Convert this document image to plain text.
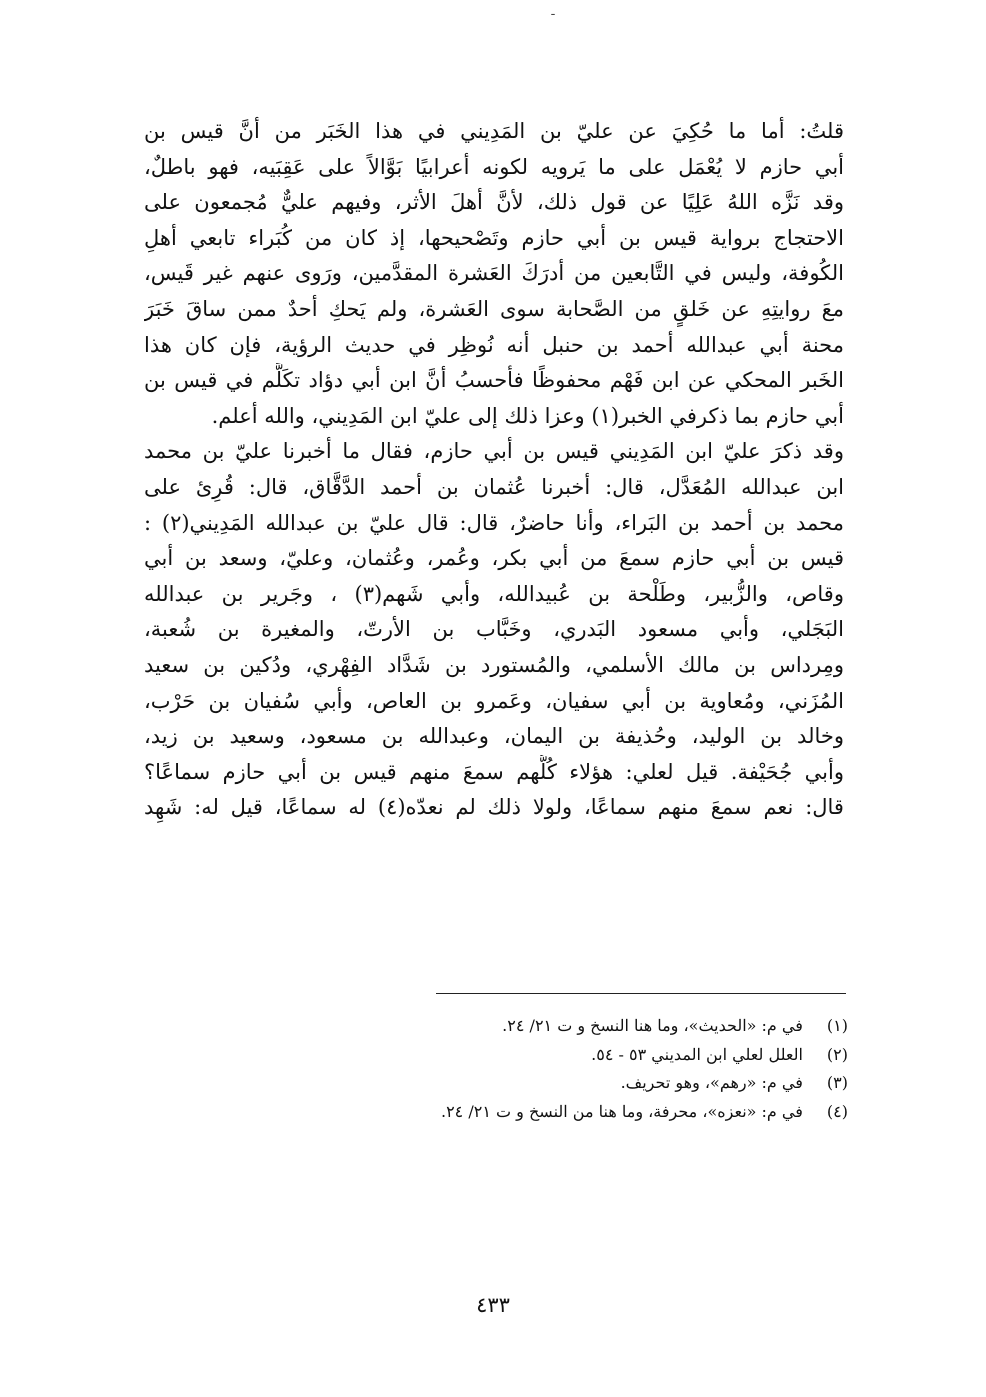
-
قلتُ: أما ما حُكِيَ عن عليّ بن المَدِيني في هذا الخَبَر من أنَّ قيس بن
أبي حازم لا يُعْمَل على ما يَرويه لكونه أعرابيًا بَوَّالاً على عَقِبَيه، فهو باطلٌ،
وقد نَزَّه اللهُ عَلِيًا عن قول ذلك، لأنَّ أهلَ الأثر، وفيهم عليٌّ مُجمعون على
الاحتجاج برواية قيس بن أبي حازم وتَصْحيحها، إذ كان من كُبَراء تابعي أهلِ
الكُوفة، وليس في التَّابعين من أدرَكَ العَشرة المقدَّمين، ورَوى عنهم غير قَيس،
معَ روايتِهِ عن خَلقٍ من الصَّحابة سوى العَشرة، ولم يَحكِ أحدٌ ممن ساقَ خَبَرَ
محنة أبي عبدالله أحمد بن حنبل أنه نُوظِر في حديث الرؤية، فإن كان هذا
الخَبر المحكي عن ابن فَهْم محفوظًا فأحسبُ أنَّ ابن أبي دؤاد تكَلَّم في قيس بن
أبي حازم بما ذكرفي الخبر(١) وعزا ذلك إلى عليّ ابن المَدِيني، والله أعلم.
وقد ذكرَ عليّ ابن المَدِيني قيس بن أبي حازم، فقال ما أخبرنا عليّ بن محمد
ابن عبدالله المُعَدَّل، قال: أخبرنا عُثمان بن أحمد الدَّقَّاق، قال: قُرِئ على
محمد بن أحمد بن البَراء، وأنا حاضرٌ، قال: قال عليّ بن عبدالله المَدِيني(٢) :
قيس بن أبي حازم سمعَ من أبي بكر، وعُمر، وعُثمان، وعليّ، وسعد بن أبي
وقاص، والزُّبير، وطَلْحة بن عُبيدالله، وأبي شَهم(٣) ، وجَرير بن عبدالله
البَجَلي، وأبي مسعود البَدري، وخَبَّاب بن الأرتّ، والمغيرة بن شُعبة،
ومِرداس بن مالك الأسلمي، والمُستورد بن شَدَّاد الفِهْري، ودُكين بن سعيد
المُزَني، ومُعاوية بن أبي سفيان، وعَمرو بن العاص، وأبي سُفيان بن حَرْب،
وخالد بن الوليد، وحُذيفة بن اليمان، وعبدالله بن مسعود، وسعيد بن زيد،
وأبي جُحَيْفة. قيل لعلي: هؤلاء كُلُّهم سمعَ منهم قيس بن أبي حازم سماعًا؟
قال: نعم سمعَ منهم سماعًا، ولولا ذلك لم نعدّه(٤) له سماعًا، قيل له: شَهِد
(١) في م: «الحديث»، وما هنا النسخ و ت ٢١/ ٢٤.
(٢) العلل لعلي ابن المديني ٥٣ - ٥٤.
(٣) في م: «رهم»، وهو تحريف.
(٤) في م: «نعزه»، محرفة، وما هنا من النسخ و ت ٢١/ ٢٤.
٤٣٣
